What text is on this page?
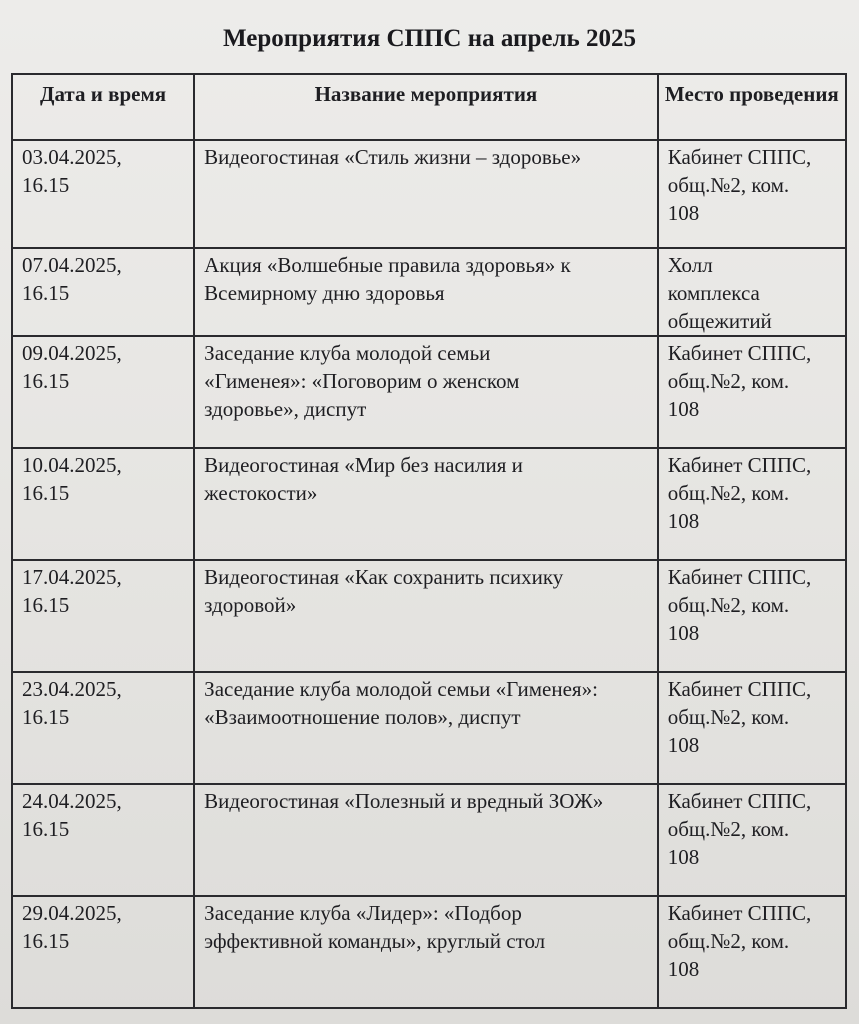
Мероприятия СППС на апрель 2025
Дата и время	Название мероприятия	Место проведения

03.04.2025, 16.15	Видеогостиная «Стиль жизни – здоровье»	Кабинет СППС, общ.№2, ком. 108

07.04.2025, 16.15	Акция «Волшебные правила здоровья» к Всемирному дню здоровья	Холл комплекса общежитий

09.04.2025, 16.15	Заседание клуба молодой семьи «Гименея»: «Поговорим о женском здоровье», диспут	Кабинет СППС, общ.№2, ком. 108

10.04.2025, 16.15	Видеогостиная «Мир без насилия и жестокости»	Кабинет СППС, общ.№2, ком. 108

17.04.2025, 16.15	Видеогостиная «Как сохранить психику здоровой»	Кабинет СППС, общ.№2, ком. 108

23.04.2025, 16.15	Заседание клуба молодой семьи «Гименея»: «Взаимоотношение полов», диспут	Кабинет СППС, общ.№2, ком. 108

24.04.2025, 16.15	Видеогостиная «Полезный и вредный ЗОЖ»	Кабинет СППС, общ.№2, ком. 108

29.04.2025, 16.15	Заседание клуба «Лидер»: «Подбор эффективной команды», круглый стол	Кабинет СППС, общ.№2, ком. 108
